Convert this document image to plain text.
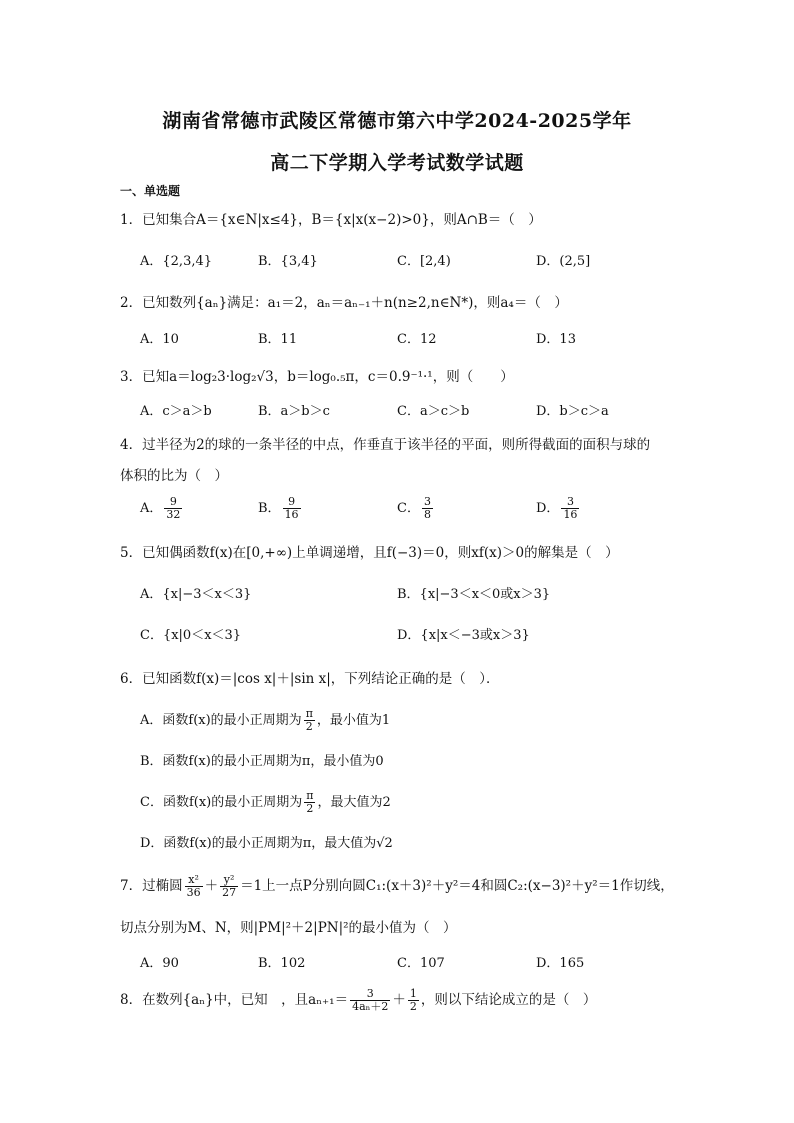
湖南省常德市武陵区常德市第六中学2024-2025学年
高二下学期入学考试数学试题
一、单选题
1．已知集合A＝{x∈N|x≤4}，B＝{x|x(x−2)>0}，则A∩B＝（　）
A．{2,3,4}	B．{3,4}	C．[2,4)	D．(2,5]
2．已知数列{aₙ}满足：a₁＝2，aₙ＝aₙ₋₁＋n(n≥2,n∈N*)，则a₄＝（　）
A．10	B．11	C．12	D．13
3．已知a＝log₂3·log₂√3，b＝log₀.₅π，c＝0.9⁻¹·¹，则（　　）
A．c＞a＞b	B．a＞b＞c	C．a＞c＞b	D．b＞c＞a
4．过半径为2的球的一条半径的中点，作垂直于该半径的平面，则所得截面的面积与球的
体积的比为（　）
A． $\frac{9}{32}$	B． $\frac{9}{16}$	C． $\frac{3}{8}$	D． $\frac{3}{16}$
5．已知偶函数f(x)在[0,+∞)上单调递增，且f(−3)＝0，则xf(x)＞0的解集是（　）
A．{x|−3＜x＜3}	B．{x|−3＜x＜0或x＞3}
C．{x|0＜x＜3}	D．{x|x＜−3或x＞3}
6．已知函数f(x)＝|cos x|＋|sin x|，下列结论正确的是（　）．
A．函数f(x)的最小正周期为 $\frac{\pi}{2}$ ，最小值为1
B．函数f(x)的最小正周期为π，最小值为0
C．函数f(x)的最小正周期为 $\frac{\pi}{2}$ ，最大值为2
D．函数f(x)的最小正周期为π，最大值为√2
7．过椭圆 $\frac{\text{x²}}{36} + \frac{\text{y²}}{27} =1$上一点P分别向圆C₁:(x＋3)²＋y²＝4和圆C₂:(x−3)²＋y²＝1作切线，
切点分别为M、N，则|PM|²＋2|PN|²的最小值为（　）
A．90	B．102	C．107	D．165
8．在数列{aₙ}中，已知　，且$a_{n+1}= \frac{3}{\text{4aₙ＋2}} + \frac{1}{2}$ ，则以下结论成立的是（　）
